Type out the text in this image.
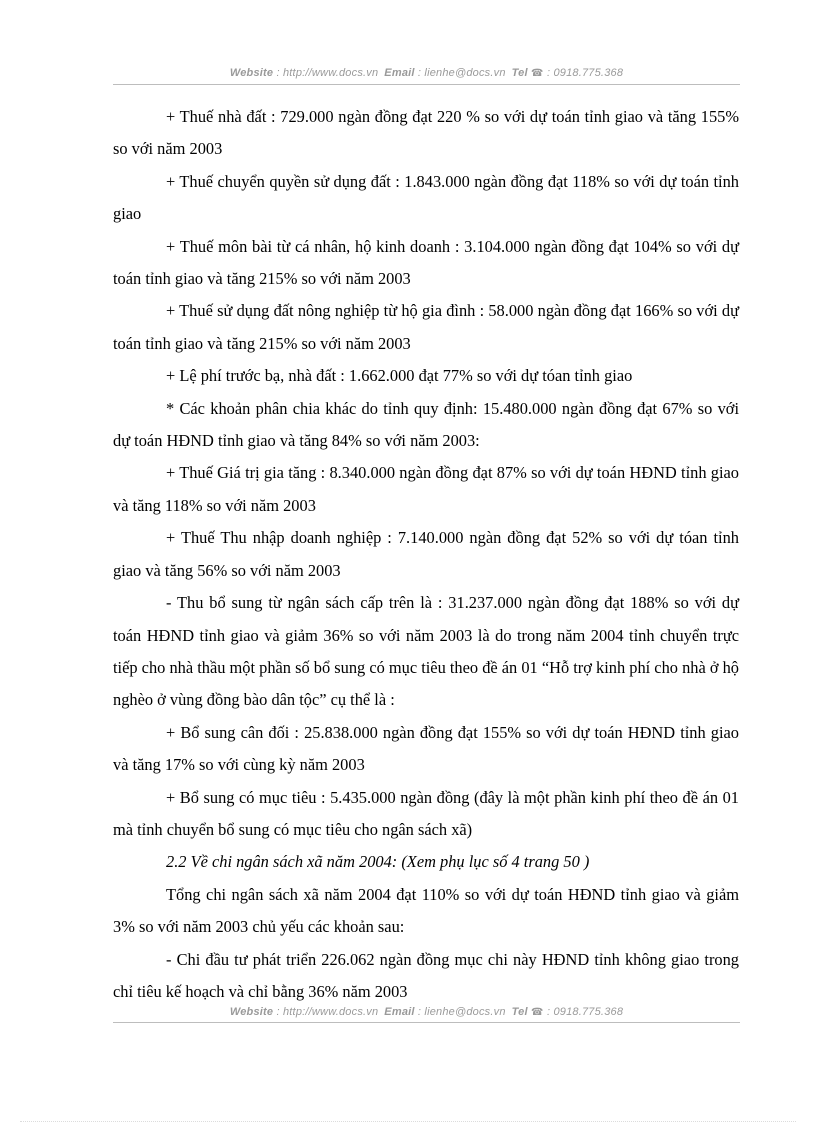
Website : http://www.docs.vn Email : lienhe@docs.vn Tel ☎ : 0918.775.368

+ Thuế nhà đất : 729.000 ngàn đồng đạt 220 % so với dự toán tỉnh giao và tăng 155% so với năm 2003

+ Thuế chuyển quyền sử dụng đất : 1.843.000 ngàn đồng đạt 118% so với dự toán tỉnh giao

+ Thuế môn bài từ cá nhân, hộ kinh doanh : 3.104.000 ngàn đồng đạt 104% so với dự toán tỉnh giao và tăng 215% so với năm 2003

+ Thuế sử dụng đất nông nghiệp từ hộ gia đình : 58.000 ngàn đồng đạt 166% so với dự toán tỉnh giao và tăng 215% so với năm 2003

+ Lệ phí trước bạ, nhà đất : 1.662.000 đạt 77% so với dự tóan tỉnh giao

* Các khoản phân chia khác do tỉnh quy định: 15.480.000 ngàn đồng đạt 67% so với dự toán HĐND tỉnh giao và tăng 84% so với năm 2003:

+ Thuế Giá trị gia tăng : 8.340.000 ngàn đồng đạt 87% so với dự toán HĐND tỉnh giao và tăng 118% so với năm 2003

+ Thuế Thu nhập doanh nghiệp : 7.140.000 ngàn đồng đạt 52% so với dự tóan tỉnh giao và tăng 56% so với năm 2003

- Thu bổ sung từ ngân sách cấp trên là : 31.237.000 ngàn đồng đạt 188% so với dự toán HĐND tỉnh giao và giảm 36% so với năm 2003 là do trong năm 2004 tỉnh chuyển trực tiếp cho nhà thầu một phần số bổ sung có mục tiêu theo đề án 01 “Hỗ trợ kinh phí cho nhà ở hộ nghèo ở vùng đồng bào dân tộc” cụ thể là :

+ Bổ sung cân đối : 25.838.000 ngàn đồng đạt 155% so với dự toán HĐND tỉnh giao và tăng 17% so với cùng kỳ năm 2003

+ Bổ sung có mục tiêu : 5.435.000 ngàn đồng (đây là một phần kinh phí theo đề án 01 mà tỉnh chuyển bổ sung có mục tiêu cho ngân sách xã)

2.2 Về chi ngân sách xã năm 2004: (Xem phụ lục số 4 trang 50 )

Tổng chi ngân sách xã năm 2004 đạt 110% so với dự toán HĐND tỉnh giao và giảm 3% so với năm 2003 chủ yếu các khoản sau:

- Chi đầu tư phát triển 226.062 ngàn đồng mục chi này HĐND tỉnh không giao trong chỉ tiêu kế hoạch và chỉ bằng 36% năm 2003

Website : http://www.docs.vn Email : lienhe@docs.vn Tel ☎ : 0918.775.368
